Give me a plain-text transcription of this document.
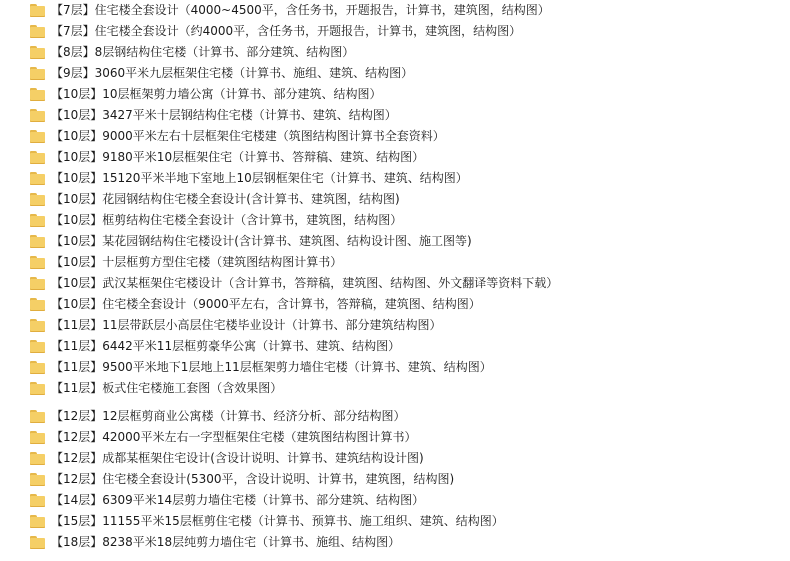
【7层】住宅楼全套设计（4000~4500平，含任务书，开题报告，计算书，建筑图，结构图）
【7层】住宅楼全套设计（约4000平，含任务书，开题报告，计算书，建筑图，结构图）
【8层】8层钢结构住宅楼（计算书、部分建筑、结构图）
【9层】3060平米九层框架住宅楼（计算书、施组、建筑、结构图）
【10层】10层框架剪力墙公寓（计算书、部分建筑、结构图）
【10层】3427平米十层钢结构住宅楼（计算书、建筑、结构图）
【10层】9000平米左右十层框架住宅楼建（筑图结构图计算书全套资料）
【10层】9180平米10层框架住宅（计算书、答辩稿、建筑、结构图）
【10层】15120平米半地下室地上10层钢框架住宅（计算书、建筑、结构图）
【10层】花园钢结构住宅楼全套设计(含计算书、建筑图，结构图)
【10层】框剪结构住宅楼全套设计（含计算书，建筑图，结构图）
【10层】某花园钢结构住宅楼设计(含计算书、建筑图、结构设计图、施工图等)
【10层】十层框剪方型住宅楼（建筑图结构图计算书）
【10层】武汉某框架住宅楼设计（含计算书，答辩稿，建筑图、结构图、外文翻译等资料下载）
【10层】住宅楼全套设计（9000平左右，含计算书，答辩稿，建筑图、结构图）
【11层】11层带跃层小高层住宅楼毕业设计（计算书、部分建筑结构图）
【11层】6442平米11层框剪豪华公寓（计算书、建筑、结构图）
【11层】9500平米地下1层地上11层框架剪力墙住宅楼（计算书、建筑、结构图）
【11层】板式住宅楼施工套图（含效果图）
【12层】12层框剪商业公寓楼（计算书、经济分析、部分结构图）
【12层】42000平米左右一字型框架住宅楼（建筑图结构图计算书）
【12层】成都某框架住宅设计(含设计说明、计算书、建筑结构设计图)
【12层】住宅楼全套设计(5300平，含设计说明、计算书，建筑图，结构图)
【14层】6309平米14层剪力墙住宅楼（计算书、部分建筑、结构图）
【15层】11155平米15层框剪住宅楼（计算书、预算书、施工组织、建筑、结构图）
【18层】8238平米18层纯剪力墙住宅（计算书、施组、结构图）
